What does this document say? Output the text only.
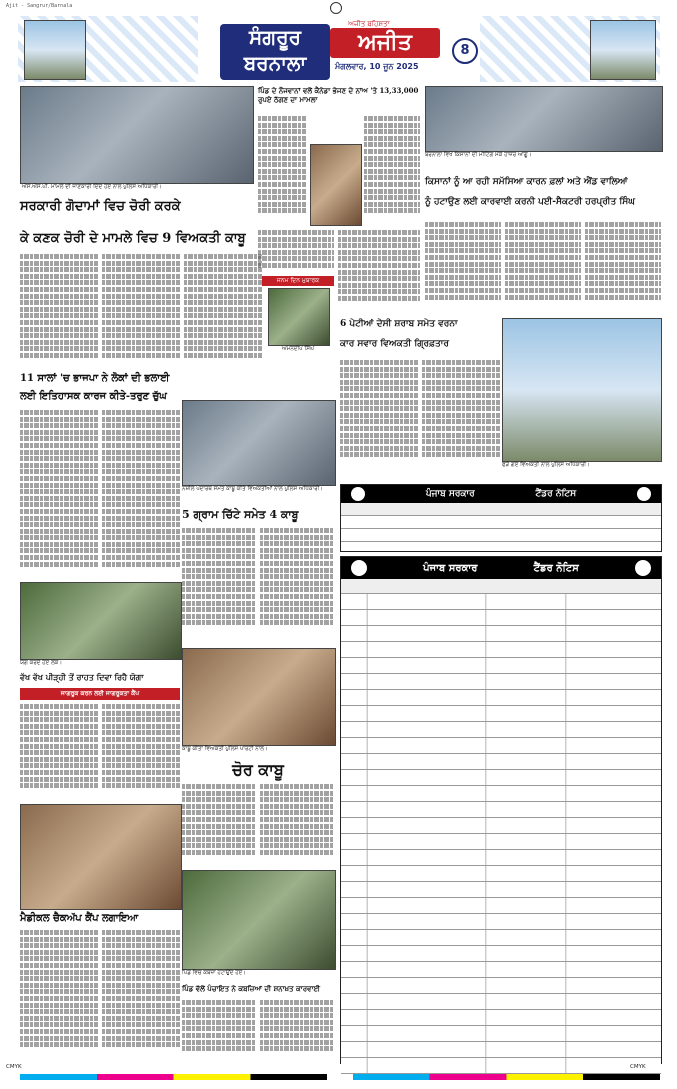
Ajit - Sangrur/Barnala
ਸੰਗਰੂਰ
ਬਰਨਾਲਾ
ਅਜੀਤ ਬਹਿਸ਼ਤਾ
ਅਜੀਤ
ਮੰਗਲਵਾਰ, 10 ਜੂਨ 2025
8
ਐਸ.ਐਸ.ਪੀ. ਮਾਮਲੇ ਦੀ ਜਾਣਕਾਰੀ ਦਿੰਦੇ ਹੋਏ ਨਾਲ ਪੁਲਿਸ ਅਧਿਕਾਰੀ।
ਸਰਕਾਰੀ ਗੋਦਾਮਾਂ ਵਿਚ ਚੋਰੀ ਕਰਕੇ
ਕੇ ਕਣਕ ਚੋਰੀ ਦੇ ਮਾਮਲੇ ਵਿਚ 9 ਵਿਅਕਤੀ ਕਾਬੂ
ਪਿੰਡ ਦੇ ਨੌਜਵਾਨਾਂ ਵਲੋਂ ਕੈਨੇਡਾ ਭੇਜਣ ਦੇ ਨਾਂਅ 'ਤੇ 13,33,000 ਰੁਪਏ ਠੱਗਣ ਦਾ ਮਾਮਲਾ
ਜਨਮ ਦਿਨ ਮੁਬਾਰਕ
ਅਮਨਦੀਪ ਸਿੰਘ
ਬਰਨਾਲਾ ਵਿਖੇ ਕਿਸਾਨਾਂ ਦੀ ਮੀਟਿੰਗ ਮੌਕੇ ਹਾਜ਼ਰ ਆਗੂ।
ਕਿਸਾਨਾਂ ਨੂੰ ਆ ਰਹੀ ਸਮੱਸਿਆ ਕਾਰਨ ਫ਼ਲਾਂ ਅਤੇ ਐਂਡ ਵਾਲਿਆਂ
ਨੂੰ ਹਟਾਉਣ ਲਈ ਕਾਰਵਾਈ ਕਰਨੀ ਪਈ-ਸੈਕਟਰੀ ਹਰਪ੍ਰੀਤ ਸਿੰਘ
6 ਪੇਟੀਆਂ ਦੇਸੀ ਸ਼ਰਾਬ ਸਮੇਤ ਵਰਨਾ
ਕਾਰ ਸਵਾਰ ਵਿਅਕਤੀ ਗ੍ਰਿਫ਼ਤਾਰ
ਫੜੇ ਗਏ ਵਿਅਕਤੀ ਨਾਲ ਪੁਲਿਸ ਅਧਿਕਾਰੀ।
11 ਸਾਲਾਂ 'ਚ ਭਾਜਪਾ ਨੇ ਲੋਕਾਂ ਦੀ ਭਲਾਈ
ਲਈ ਇਤਿਹਾਸਕ ਕਾਰਜ ਕੀਤੇ-ਤਰੁਣ ਚੁੱਘ
ਨਸ਼ੀਲੇ ਪਦਾਰਥ ਸਮੇਤ ਕਾਬੂ ਕੀਤੇ ਵਿਅਕਤੀਆਂ ਨਾਲ ਪੁਲਿਸ ਅਧਿਕਾਰੀ।
5 ਗ੍ਰਾਮ ਚਿੱਟੇ ਸਮੇਤ 4 ਕਾਬੂ
ਯੋਗ ਕਰਦੇ ਹੋਏ ਲੋਕ।
ਵੱਖ ਵੱਖ ਪੀੜ੍ਹੀ ਤੋਂ ਰਾਹਤ ਦਿਵਾ ਰਿਹੈ ਯੋਗਾ
ਜਾਗਰੂਕ ਕਰਨ ਲਈ ਜਾਗਰੂਕਤਾ ਕੈਂਪ
ਕਾਬੂ ਕੀਤਾ ਵਿਅਕਤੀ ਪੁਲਿਸ ਪਾਰਟੀ ਨਾਲ।
ਚੋਰ ਕਾਬੂ
ਮੈਡੀਕਲ ਚੈਕਅੱਪ ਕੈਂਪ ਲਗਾਇਆ
ਪਿੰਡ ਵਿਚ ਕਬਜ਼ਾ ਹਟਾਉਂਦੇ ਹੋਏ।
ਪਿੰਡ ਵੱਲੋਂ ਪੰਚਾਇਤ ਨੇ ਕਬਜ਼ਿਆਂ ਦੀ ਸ਼ਨਾਖ਼ਤ ਕਾਰਵਾਈ
ਪੰਜਾਬ ਸਰਕਾਰ	ਟੈਂਡਰ ਨੋਟਿਸ
ਪੰਜਾਬ ਸਰਕਾਰ	ਟੈਂਡਰ ਨੋਟਿਸ
CMYK	CMYK
